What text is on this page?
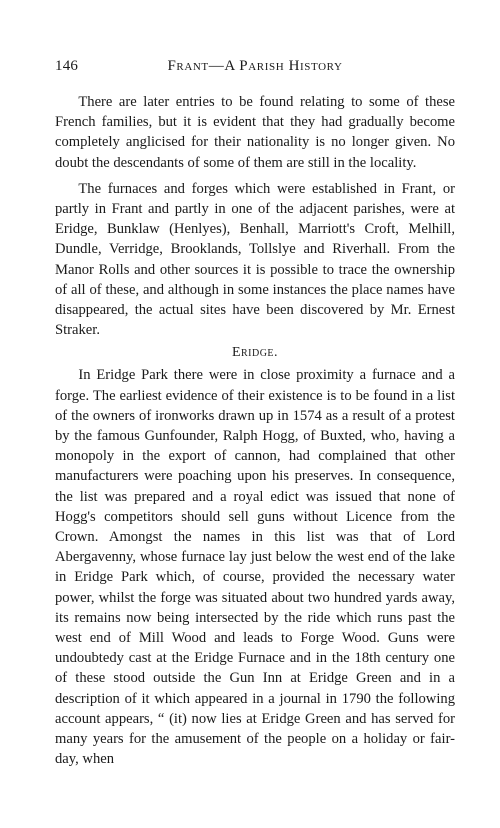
146	Frant—A Parish History

There are later entries to be found relating to some of these French families, but it is evident that they had gradually become completely anglicised for their nationality is no longer given. No doubt the descendants of some of them are still in the locality.

The furnaces and forges which were established in Frant, or partly in Frant and partly in one of the adjacent parishes, were at Eridge, Bunklaw (Henlyes), Benhall, Marriott's Croft, Melhill, Dundle, Verridge, Brooklands, Tollslye and Riverhall. From the Manor Rolls and other sources it is possible to trace the ownership of all of these, and although in some instances the place names have disappeared, the actual sites have been discovered by Mr. Ernest Straker.

Eridge.

In Eridge Park there were in close proximity a furnace and a forge. The earliest evidence of their existence is to be found in a list of the owners of ironworks drawn up in 1574 as a result of a protest by the famous Gunfounder, Ralph Hogg, of Buxted, who, having a monopoly in the export of cannon, had complained that other manufacturers were poaching upon his preserves. In consequence, the list was prepared and a royal edict was issued that none of Hogg's competitors should sell guns without Licence from the Crown. Amongst the names in this list was that of Lord Abergavenny, whose furnace lay just below the west end of the lake in Eridge Park which, of course, provided the necessary water power, whilst the forge was situated about two hundred yards away, its remains now being intersected by the ride which runs past the west end of Mill Wood and leads to Forge Wood. Guns were undoubtedy cast at the Eridge Furnace and in the 18th century one of these stood outside the Gun Inn at Eridge Green and in a description of it which appeared in a journal in 1790 the following account appears, “ (it) now lies at Eridge Green and has served for many years for the amusement of the people on a holiday or fair-day, when
